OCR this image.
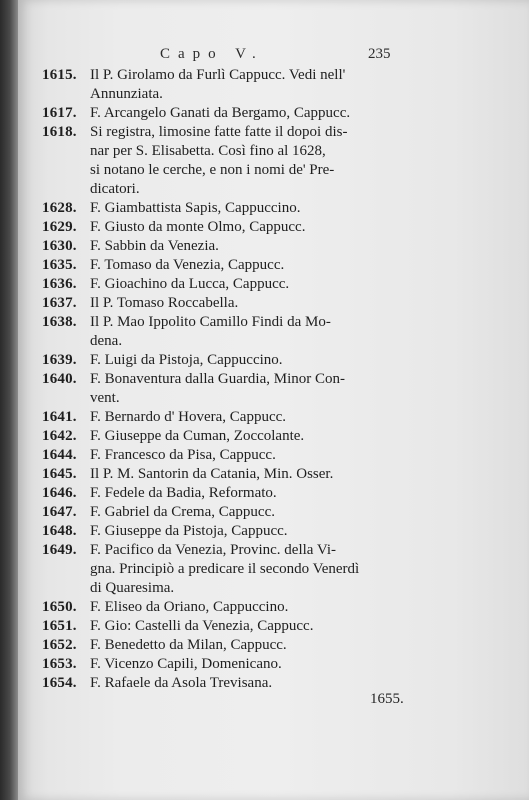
Capo V.	235
1615. Il P. Girolamo da Furlì Cappucc. Vedi nell'
Annunziata.
1617. F. Arcangelo Ganati da Bergamo, Cappucc.
1618. Si registra, limosine fatte fatte il dopoi dis-
nar per S. Elisabetta. Così fino al 1628,
si notano le cerche, e non i nomi de' Pre-
dicatori.
1628. F. Giambattista Sapis, Cappuccino.
1629. F. Giusto da monte Olmo, Cappucc.
1630. F. Sabbin da Venezia.
1635. F. Tomaso da Venezia, Cappucc.
1636. F. Gioachino da Lucca, Cappucc.
1637. Il P. Tomaso Roccabella.
1638. Il P. Mao Ippolito Camillo Findi da Mo-
dena.
1639. F. Luigi da Pistoja, Cappuccino.
1640. F. Bonaventura dalla Guardia, Minor Con-
vent.
1641. F. Bernardo d' Hovera, Cappucc.
1642. F. Giuseppe da Cuman, Zoccolante.
1644. F. Francesco da Pisa, Cappucc.
1645. Il P. M. Santorin da Catania, Min. Osser.
1646. F. Fedele da Badia, Reformato.
1647. F. Gabriel da Crema, Cappucc.
1648. F. Giuseppe da Pistoja, Cappucc.
1649. F. Pacifico da Venezia, Provinc. della Vi-
gna. Principiò a predicare il secondo Venerdì
di Quaresima.
1650. F. Eliseo da Oriano, Cappuccino.
1651. F. Gio: Castelli da Venezia, Cappucc.
1652. F. Benedetto da Milan, Cappucc.
1653. F. Vicenzo Capili, Domenicano.
1654. F. Rafaele da Asola Trevisana.
1655.
